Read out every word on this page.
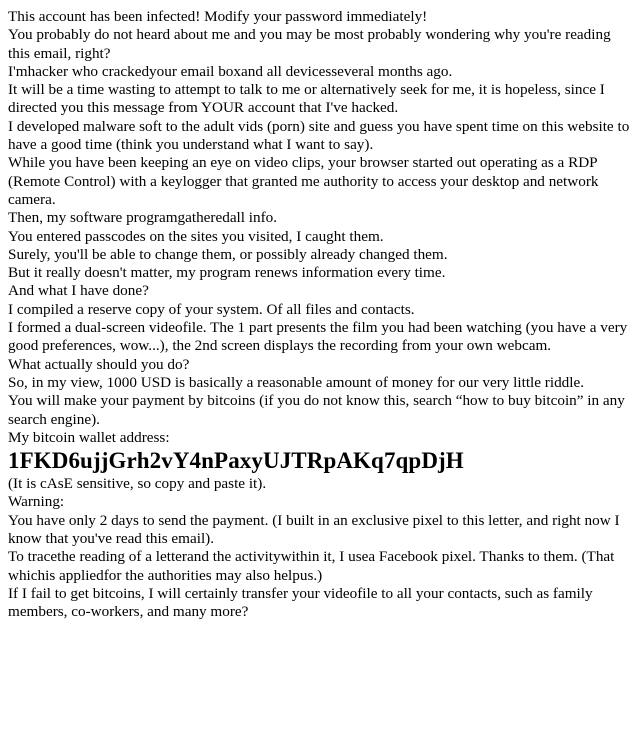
This account has been infected! Modify your password immediately!

You probably do not heard about me and you may be most probably wondering why you're reading this email, right?

I'mhacker who crackedyour email boxand all devicesseveral months ago.

It will be a time wasting to attempt to talk to me or alternatively seek for me, it is hopeless, since I directed you this message from YOUR account that I've hacked.

I developed malware soft to the adult vids (porn) site and guess you have spent time on this website to have a good time (think you understand what I want to say).

While you have been keeping an eye on video clips, your browser started out operating as a RDP (Remote Control) with a keylogger that granted me authority to access your desktop and network camera.

Then, my software programgatheredall info.

You entered passcodes on the sites you visited, I caught them.

Surely, you'll be able to change them, or possibly already changed them.

But it really doesn't matter, my program renews information every time.

And what I have done?

I compiled a reserve copy of your system. Of all files and contacts.

I formed a dual-screen videofile. The 1 part presents the film you had been watching (you have a very good preferences, wow...), the 2nd screen displays the recording from your own webcam.

What actually should you do?

So, in my view, 1000 USD is basically a reasonable amount of money for our very little riddle.

You will make your payment by bitcoins (if you do not know this, search “how to buy bitcoin” in any search engine).

My bitcoin wallet address:

1FKD6ujjGrh2vY4nPaxyUJTRpAKq7qpDjH

(It is cAsE sensitive, so copy and paste it).

Warning:

You have only 2 days to send the payment. (I built in an exclusive pixel to this letter, and right now I know that you've read this email).

To tracethe reading of a letterand the activitywithin it, I usea Facebook pixel. Thanks to them. (That whichis appliedfor the authorities may also helpus.)

If I fail to get bitcoins, I will certainly transfer your videofile to all your contacts, such as family members, co-workers, and many more?
